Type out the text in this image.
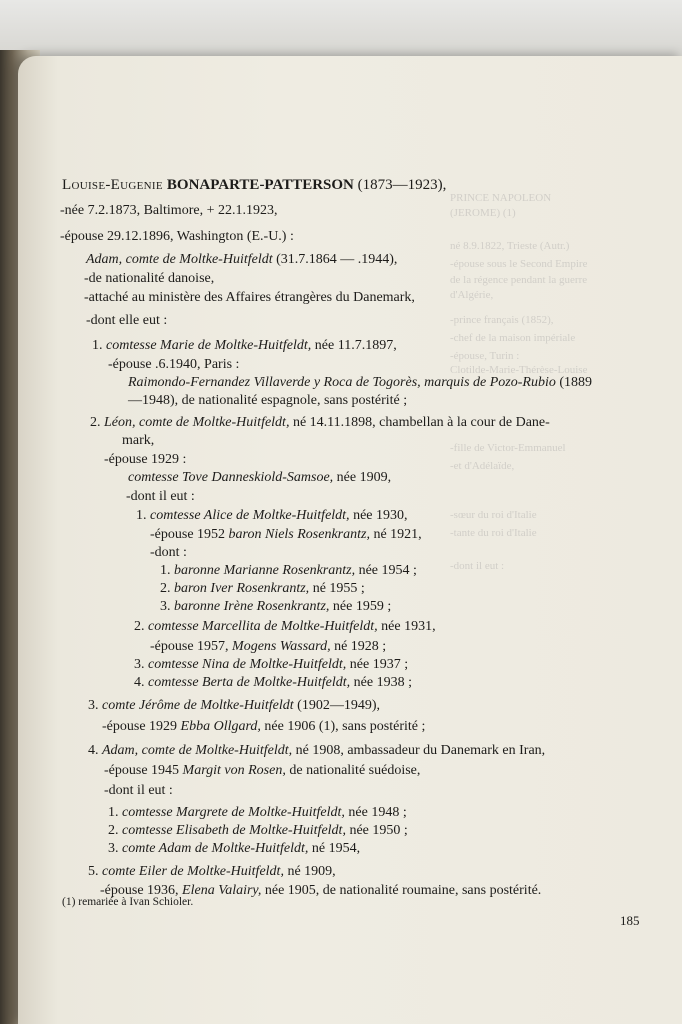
PRINCE NAPOLEON
(JEROME) (1)
né 8.9.1822, Trieste (Autr.)
-épouse sous le Second Empire
de la régence pendant la guerre
d'Algérie,
-prince français (1852),
-chef de la maison impériale
-épouse, Turin :
Clotilde-Marie-Thérèse-Louise
-fille de Victor-Emmanuel
-et d'Adélaïde,
-sœur du roi d'Italie
-tante du roi d'Italie
-dont il eut :
Louise-Eugenie BONAPARTE-PATTERSON (1873—1923),
-née 7.2.1873, Baltimore, + 22.1.1923,
-épouse 29.12.1896, Washington (E.-U.) :
Adam, comte de Moltke-Huitfeldt (31.7.1864 — .1944),
-de nationalité danoise,
-attaché au ministère des Affaires étrangères du Danemark,
-dont elle eut :
1. comtesse Marie de Moltke-Huitfeldt, née 11.7.1897,
-épouse .6.1940, Paris :
Raimondo-Fernandez Villaverde y Roca de Togorès, marquis de Pozo-Rubio (1889
—1948), de nationalité espagnole, sans postérité ;
2. Léon, comte de Moltke-Huitfeldt, né 14.11.1898, chambellan à la cour de Dane-
mark,
-épouse 1929 :
comtesse Tove Danneskiold-Samsoe, née 1909,
-dont il eut :
1. comtesse Alice de Moltke-Huitfeldt, née 1930,
-épouse 1952 baron Niels Rosenkrantz, né 1921,
-dont :
1. baronne Marianne Rosenkrantz, née 1954 ;
2. baron Iver Rosenkrantz, né 1955 ;
3. baronne Irène Rosenkrantz, née 1959 ;
2. comtesse Marcellita de Moltke-Huitfeldt, née 1931,
-épouse 1957, Mogens Wassard, né 1928 ;
3. comtesse Nina de Moltke-Huitfeldt, née 1937 ;
4. comtesse Berta de Moltke-Huitfeldt, née 1938 ;
3. comte Jérôme de Moltke-Huitfeldt (1902—1949),
-épouse 1929 Ebba Ollgard, née 1906 (1), sans postérité ;
4. Adam, comte de Moltke-Huitfeldt, né 1908, ambassadeur du Danemark en Iran,
-épouse 1945 Margit von Rosen, de nationalité suédoise,
-dont il eut :
1. comtesse Margrete de Moltke-Huitfeldt, née 1948 ;
2. comtesse Elisabeth de Moltke-Huitfeldt, née 1950 ;
3. comte Adam de Moltke-Huitfeldt, né 1954,
5. comte Eiler de Moltke-Huitfeldt, né 1909,
-épouse 1936, Elena Valairy, née 1905, de nationalité roumaine, sans postérité.
(1) remariée à Ivan Schioler.
185
